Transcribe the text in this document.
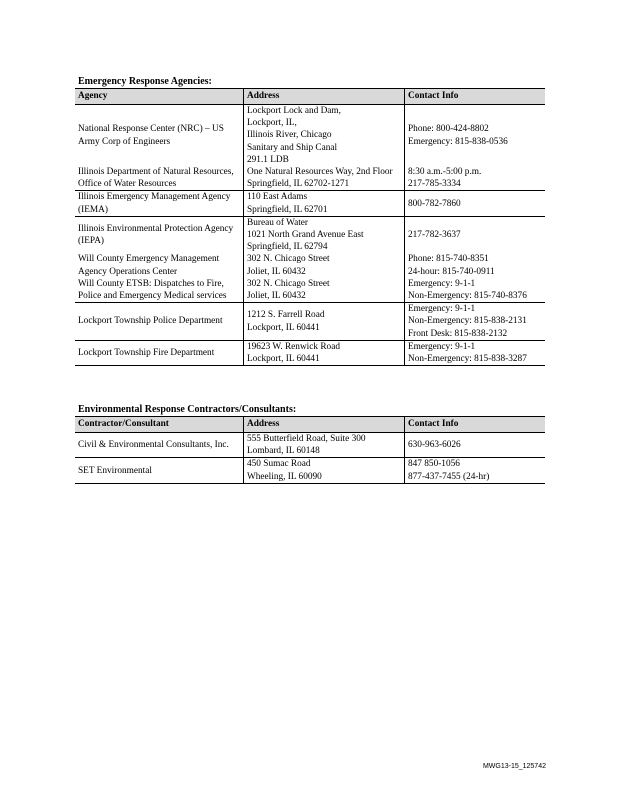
Emergency Response Agencies:
Agency	Address	Contact Info
National Response Center (NRC) – US Army Corp of Engineers	Lockport Lock and Dam,
Lockport, IL,
Illinois River, Chicago
Sanitary and Ship Canal
291.1 LDB	Phone: 800-424-8802
Emergency: 815-838-0536
Illinois Department of Natural Resources, Office of Water Resources	One Natural Resources Way, 2nd Floor
Springfield, IL 62702-1271	8:30 a.m.-5:00 p.m.
217-785-3334
Illinois Emergency Management Agency (IEMA)	110 East Adams
Springfield, IL 62701	800-782-7860
Illinois Environmental Protection Agency (IEPA)	Bureau of Water
1021 North Grand Avenue East
Springfield, IL 62794	217-782-3637
Will County Emergency Management Agency Operations Center	302 N. Chicago Street
Joliet, IL 60432	Phone: 815-740-8351
24-hour: 815-740-0911
Will County ETSB: Dispatches to Fire, Police and Emergency Medical services	302 N. Chicago Street
Joliet, IL 60432	Emergency: 9-1-1
Non-Emergency: 815-740-8376
Lockport Township Police Department	1212 S. Farrell Road
Lockport, IL 60441	Emergency: 9-1-1
Non-Emergency: 815-838-2131
Front Desk: 815-838-2132
Lockport Township Fire Department	19623 W. Renwick Road
Lockport, IL 60441	Emergency: 9-1-1
Non-Emergency: 815-838-3287
Environmental Response Contractors/Consultants:
Contractor/Consultant	Address	Contact Info
Civil & Environmental Consultants, Inc.	555 Butterfield Road, Suite 300
Lombard, IL 60148	630-963-6026
SET Environmental	450 Sumac Road
Wheeling, IL 60090	847 850-1056
877-437-7455 (24-hr)
MWG13-15_125742
